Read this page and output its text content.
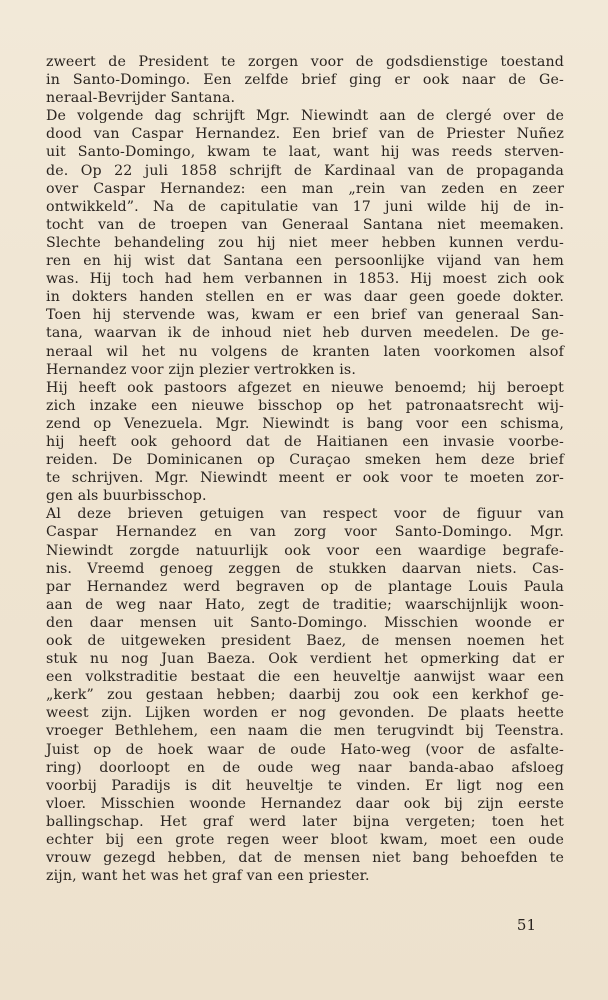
zweert de President te zorgen voor de godsdienstige toestand
in Santo-Domingo. Een zelfde brief ging er ook naar de Ge-
neraal-Bevrijder Santana.
De volgende dag schrijft Mgr. Niewindt aan de clergé over de
dood van Caspar Hernandez. Een brief van de Priester Nuñez
uit Santo-Domingo, kwam te laat, want hij was reeds sterven-
de. Op 22 juli 1858 schrijft de Kardinaal van de propaganda
over Caspar Hernandez: een man „rein van zeden en zeer
ontwikkeld”. Na de capitulatie van 17 juni wilde hij de in-
tocht van de troepen van Generaal Santana niet meemaken.
Slechte behandeling zou hij niet meer hebben kunnen verdu-
ren en hij wist dat Santana een persoonlijke vijand van hem
was. Hij toch had hem verbannen in 1853. Hij moest zich ook
in dokters handen stellen en er was daar geen goede dokter.
Toen hij stervende was, kwam er een brief van generaal San-
tana, waarvan ik de inhoud niet heb durven meedelen. De ge-
neraal wil het nu volgens de kranten laten voorkomen alsof
Hernandez voor zijn plezier vertrokken is.
Hij heeft ook pastoors afgezet en nieuwe benoemd; hij beroept
zich inzake een nieuwe bisschop op het patronaatsrecht wij-
zend op Venezuela. Mgr. Niewindt is bang voor een schisma,
hij heeft ook gehoord dat de Haitianen een invasie voorbe-
reiden. De Dominicanen op Curaçao smeken hem deze brief
te schrijven. Mgr. Niewindt meent er ook voor te moeten zor-
gen als buurbisschop.
Al deze brieven getuigen van respect voor de figuur van
Caspar Hernandez en van zorg voor Santo-Domingo. Mgr.
Niewindt zorgde natuurlijk ook voor een waardige begrafe-
nis. Vreemd genoeg zeggen de stukken daarvan niets. Cas-
par Hernandez werd begraven op de plantage Louis Paula
aan de weg naar Hato, zegt de traditie; waarschijnlijk woon-
den daar mensen uit Santo-Domingo. Misschien woonde er
ook de uitgeweken president Baez, de mensen noemen het
stuk nu nog Juan Baeza. Ook verdient het opmerking dat er
een volkstraditie bestaat die een heuveltje aanwijst waar een
„kerk” zou gestaan hebben; daarbij zou ook een kerkhof ge-
weest zijn. Lijken worden er nog gevonden. De plaats heette
vroeger Bethlehem, een naam die men terugvindt bij Teenstra.
Juist op de hoek waar de oude Hato-weg (voor de asfalte-
ring) doorloopt en de oude weg naar banda-abao afsloeg
voorbij Paradijs is dit heuveltje te vinden. Er ligt nog een
vloer. Misschien woonde Hernandez daar ook bij zijn eerste
ballingschap. Het graf werd later bijna vergeten; toen het
echter bij een grote regen weer bloot kwam, moet een oude
vrouw gezegd hebben, dat de mensen niet bang behoefden te
zijn, want het was het graf van een priester.
51
